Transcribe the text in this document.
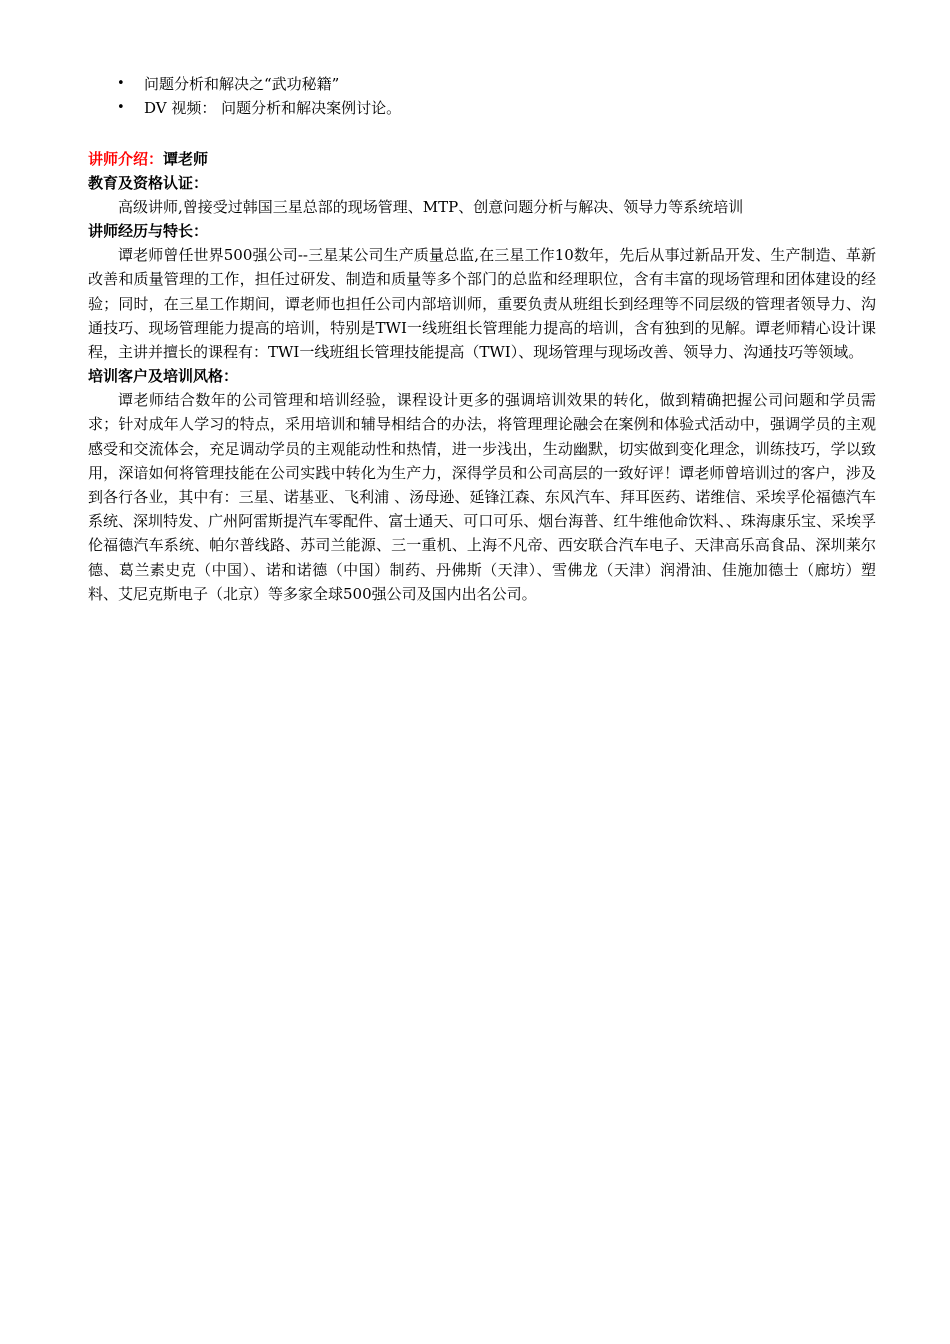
• 问题分析和解决之“武功秘籍”
• DV 视频： 问题分析和解决案例讨论。
讲师介绍：谭老师
教育及资格认证：

高级讲师,曾接受过韩国三星总部的现场管理、MTP、创意问题分析与解决、领导力等系统培训

讲师经历与特长：

谭老师曾任世界500强公司--三星某公司生产质量总监,在三星工作10数年，先后从事过新品开发、生产制造、革新改善和质量管理的工作，担任过研发、制造和质量等多个部门的总监和经理职位，含有丰富的现场管理和团体建设的经验；同时，在三星工作期间，谭老师也担任公司内部培训师，重要负责从班组长到经理等不同层级的管理者领导力、沟通技巧、现场管理能力提高的培训，特别是TWI一线班组长管理能力提高的培训，含有独到的见解。谭老师精心设计课程，主讲并擅长的课程有：TWI一线班组长管理技能提高（TWI）、现场管理与现场改善、领导力、沟通技巧等领域。

培训客户及培训风格：

谭老师结合数年的公司管理和培训经验，课程设计更多的强调培训效果的转化，做到精确把握公司问题和学员需求；针对成年人学习的特点，采用培训和辅导相结合的办法，将管理理论融会在案例和体验式活动中，强调学员的主观感受和交流体会，充足调动学员的主观能动性和热情，进一步浅出，生动幽默，切实做到变化理念，训练技巧，学以致用，深谙如何将管理技能在公司实践中转化为生产力，深得学员和公司高层的一致好评！谭老师曾培训过的客户，涉及到各行各业，其中有：三星、诺基亚、飞利浦 、汤母逊、延锋江森、东风汽车、拜耳医药、诺维信、采埃孚伦福德汽车系统、深圳特发、广州阿雷斯提汽车零配件、富士通天、可口可乐、烟台海普、红牛维他命饮料、、珠海康乐宝、采埃孚伦福德汽车系统、帕尔普线路、苏司兰能源、三一重机、上海不凡帝、西安联合汽车电子、天津高乐高食品、深圳莱尔德、葛兰素史克（中国）、诺和诺德（中国）制药、丹佛斯（天津）、雪佛龙（天津）润滑油、佳施加德士（廊坊）塑料、艾尼克斯电子（北京）等多家全球500强公司及国内出名公司。
